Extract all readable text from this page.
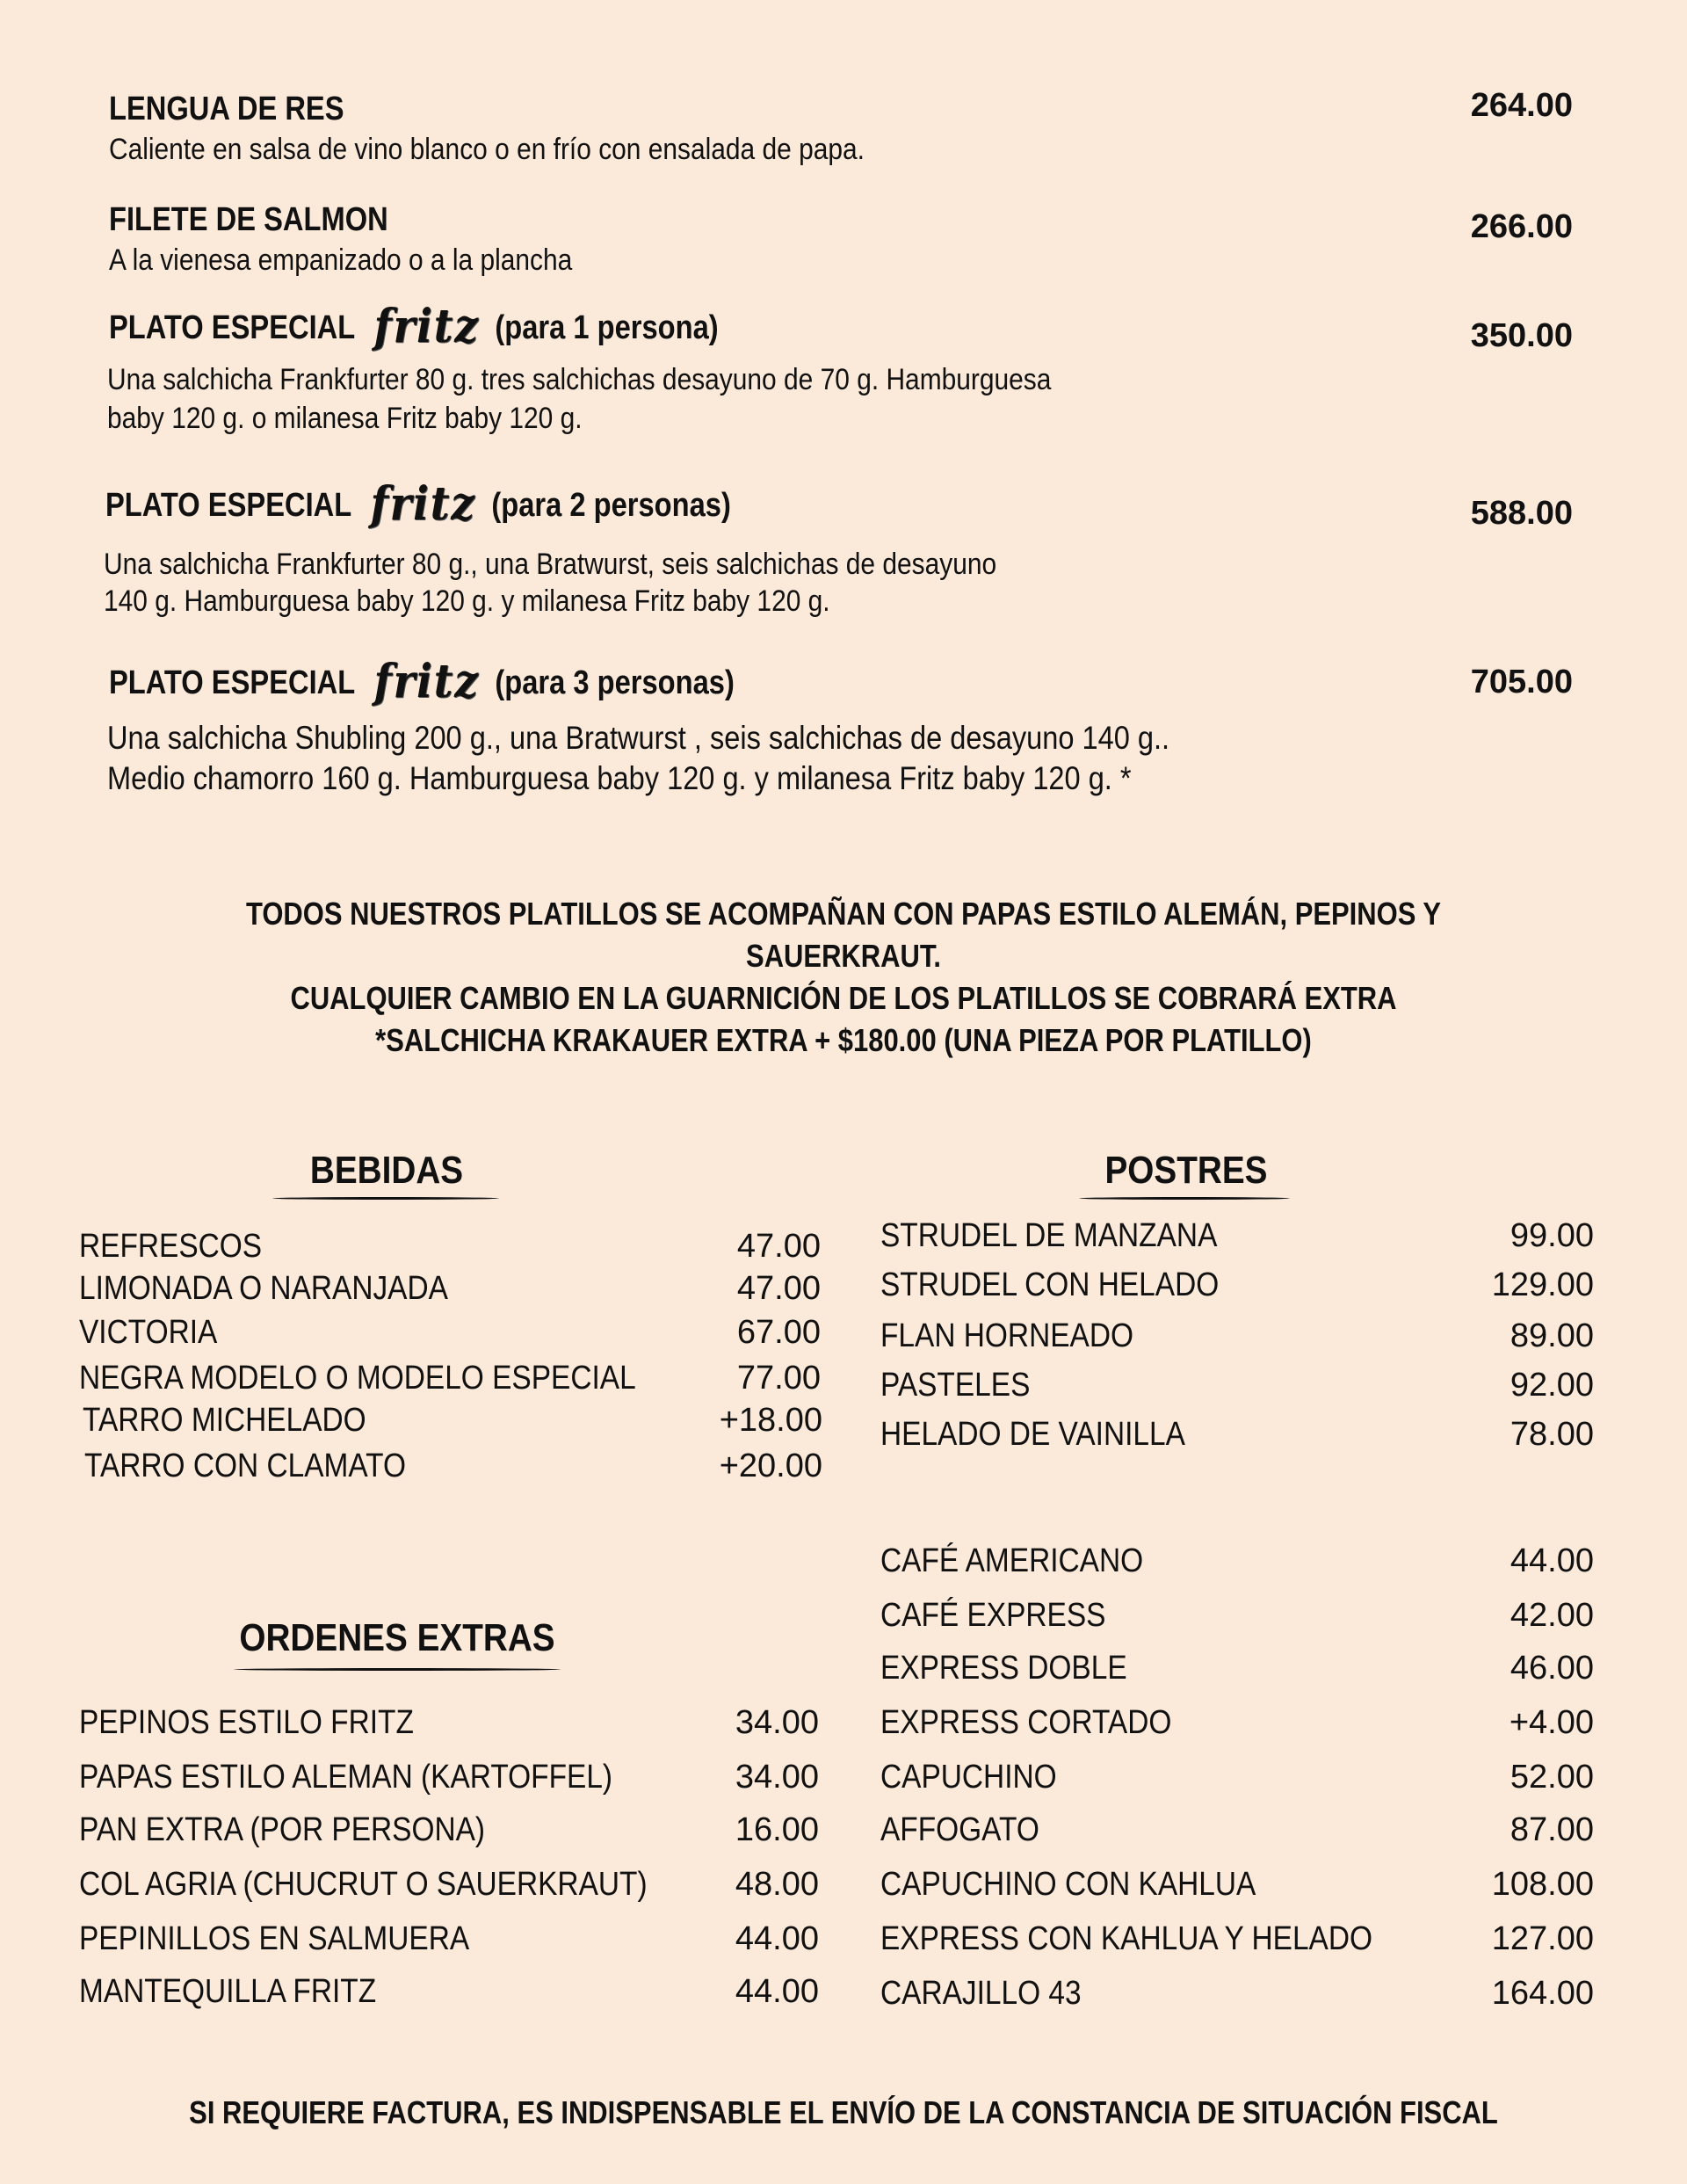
LENGUA DE RES
Caliente en salsa de vino blanco o en frío con ensalada de papa.
264.00
FILETE DE SALMON
A la vienesa empanizado o a la plancha
266.00
PLATO ESPECIAL fritz (para 1 persona)
Una salchicha Frankfurter 80 g. tres salchichas desayuno de 70 g. Hamburguesa
baby 120 g. o milanesa Fritz baby 120 g.
350.00
PLATO ESPECIAL fritz (para 2 personas)
Una salchicha Frankfurter 80 g., una Bratwurst, seis salchichas de desayuno
140 g. Hamburguesa baby 120 g. y milanesa Fritz baby 120 g.
588.00
PLATO ESPECIAL fritz (para 3 personas)
Una salchicha Shubling 200 g., una Bratwurst , seis salchichas de desayuno 140 g..
Medio chamorro 160 g. Hamburguesa baby 120 g. y milanesa Fritz baby 120 g. *
705.00
TODOS NUESTROS PLATILLOS SE ACOMPAÑAN CON PAPAS ESTILO ALEMÁN, PEPINOS Y
SAUERKRAUT.
CUALQUIER CAMBIO EN LA GUARNICIÓN DE LOS PLATILLOS SE COBRARÁ EXTRA
*SALCHICHA KRAKAUER EXTRA + $180.00 (UNA PIEZA POR PLATILLO)
BEBIDAS
REFRESCOS	47.00
LIMONADA O NARANJADA	47.00
VICTORIA	67.00
NEGRA MODELO O MODELO ESPECIAL	77.00
TARRO MICHELADO	+18.00
TARRO CON CLAMATO	+20.00
POSTRES
STRUDEL DE MANZANA	99.00
STRUDEL CON HELADO	129.00
FLAN HORNEADO	89.00
PASTELES	92.00
HELADO DE VAINILLA	78.00
CAFÉ AMERICANO	44.00
CAFÉ EXPRESS	42.00
EXPRESS DOBLE	46.00
EXPRESS CORTADO	+4.00
CAPUCHINO	52.00
AFFOGATO	87.00
CAPUCHINO CON KAHLUA	108.00
EXPRESS CON KAHLUA Y HELADO	127.00
CARAJILLO 43	164.00
ORDENES EXTRAS
PEPINOS ESTILO FRITZ	34.00
PAPAS ESTILO ALEMAN (KARTOFFEL)	34.00
PAN EXTRA (POR PERSONA)	16.00
COL AGRIA (CHUCRUT O SAUERKRAUT)	48.00
PEPINILLOS EN SALMUERA	44.00
MANTEQUILLA FRITZ	44.00
SI REQUIERE FACTURA, ES INDISPENSABLE EL ENVÍO DE LA CONSTANCIA DE SITUACIÓN FISCAL
